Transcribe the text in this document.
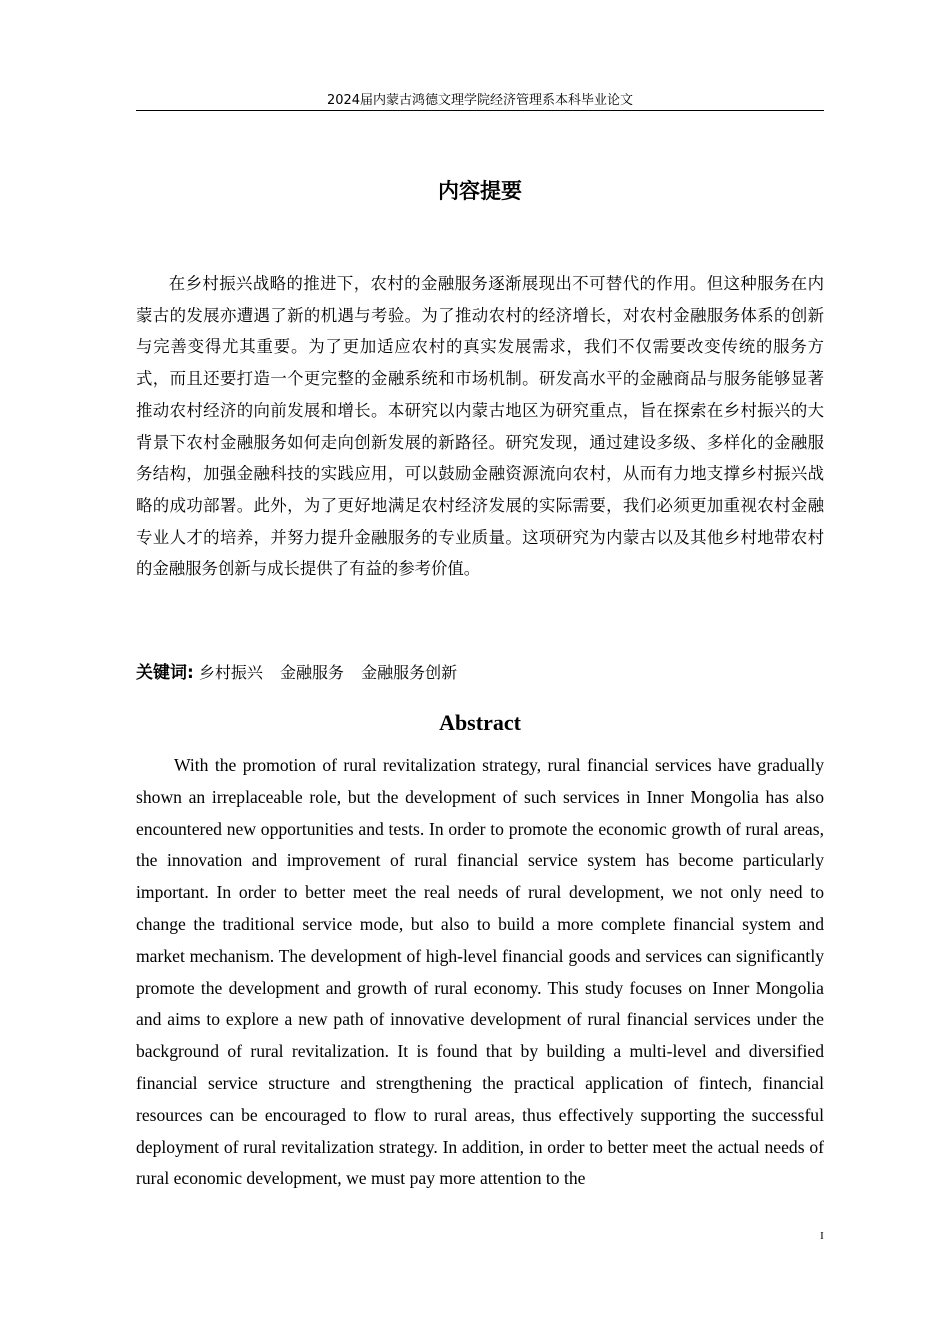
2024届内蒙古鸿德文理学院经济管理系本科毕业论文
内容提要

在乡村振兴战略的推进下，农村的金融服务逐渐展现出不可替代的作用。但这种服务在内蒙古的发展亦遭遇了新的机遇与考验。为了推动农村的经济增长，对农村金融服务体系的创新与完善变得尤其重要。为了更加适应农村的真实发展需求，我们不仅需要改变传统的服务方式，而且还要打造一个更完整的金融系统和市场机制。研发高水平的金融商品与服务能够显著推动农村经济的向前发展和增长。本研究以内蒙古地区为研究重点，旨在探索在乡村振兴的大背景下农村金融服务如何走向创新发展的新路径。研究发现，通过建设多级、多样化的金融服务结构，加强金融科技的实践应用，可以鼓励金融资源流向农村，从而有力地支撑乡村振兴战略的成功部署。此外，为了更好地满足农村经济发展的实际需要，我们必须更加重视农村金融专业人才的培养，并努力提升金融服务的专业质量。这项研究为内蒙古以及其他乡村地带农村的金融服务创新与成长提供了有益的参考价值。

关键词: 乡村振兴 金融服务 金融服务创新
Abstract

With the promotion of rural revitalization strategy, rural financial services have gradually shown an irreplaceable role, but the development of such services in Inner Mongolia has also encountered new opportunities and tests. In order to promote the economic growth of rural areas, the innovation and improvement of rural financial service system has become particularly important. In order to better meet the real needs of rural development, we not only need to change the traditional service mode, but also to build a more complete financial system and market mechanism. The development of high-level financial goods and services can significantly promote the development and growth of rural economy. This study focuses on Inner Mongolia and aims to explore a new path of innovative development of rural financial services under the background of rural revitalization. It is found that by building a multi-level and diversified financial service structure and strengthening the practical application of fintech, financial resources can be encouraged to flow to rural areas, thus effectively supporting the successful deployment of rural revitalization strategy. In addition, in order to better meet the actual needs of rural economic development, we must pay more attention to the

I
